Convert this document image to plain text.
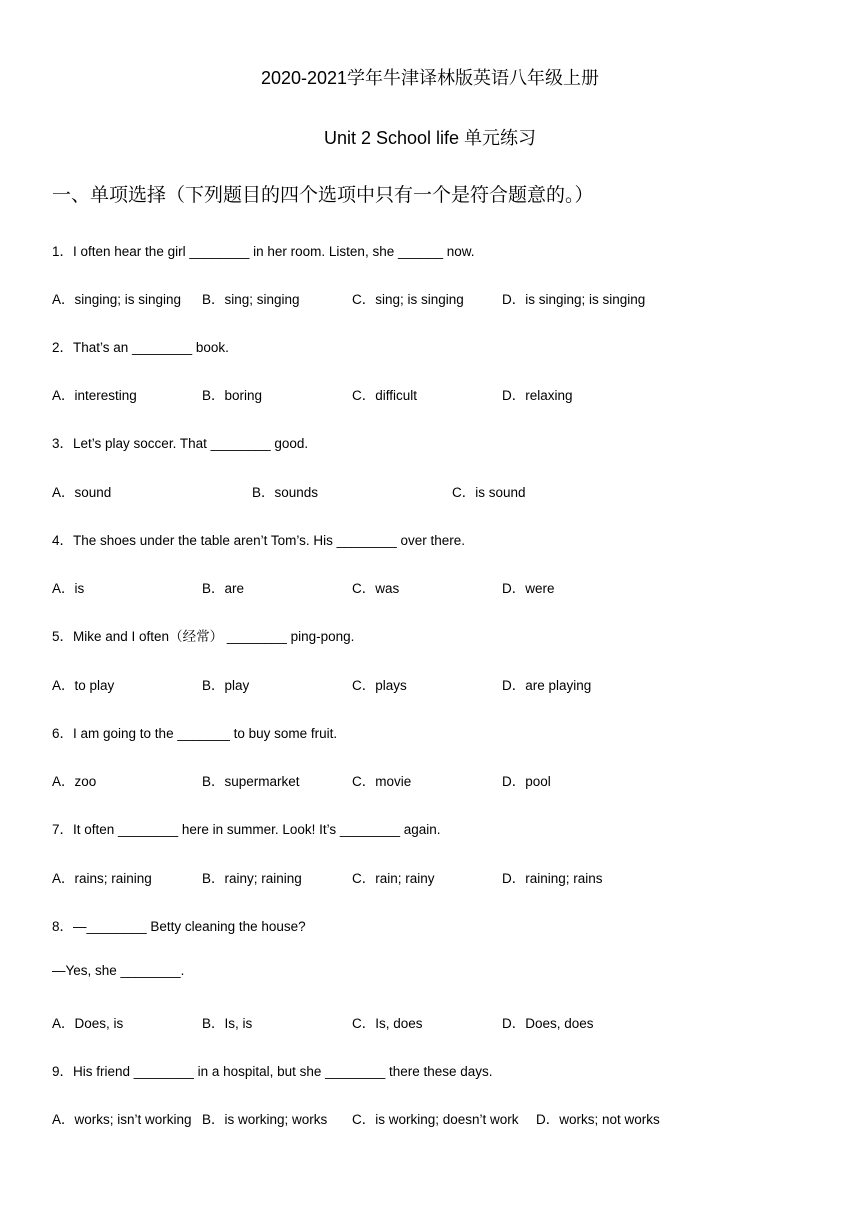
2020-2021学年牛津译林版英语八年级上册
Unit 2 School life 单元练习
一、单项选择（下列题目的四个选项中只有一个是符合题意的。）
1．I often hear the girl ________ in her room. Listen, she ______ now.
A．singing; is singing B．sing; singing	C．sing; is singing	D．is singing; is singing
2．That’s an ________ book.
A．interesting	B．boring	C．difficult	D．relaxing
3．Let’s play soccer. That ________ good.
A．sound	B．sounds	C．is sound
4．The shoes under the table aren’t Tom’s. His ________ over there.
A．is	B．are	C．was	D．were
5．Mike and I often（经常） ________ ping-pong.
A．to play	B．play	C．plays	D．are playing
6．I am going to the _______ to buy some fruit.
A．zoo	B．supermarket	C．movie	D．pool
7．It often ________ here in summer. Look! It’s ________ again.
A．rains; raining	B．rainy; raining	C．rain; rainy	D．raining; rains
8．—________ Betty cleaning the house?
—Yes, she ________.
A．Does, is	B．Is, is	C．Is, does	D．Does, does
9．His friend ________ in a hospital, but she ________ there these days.
A．works; isn’t working B．is working; works C．is working; doesn’t work D．works; not works
